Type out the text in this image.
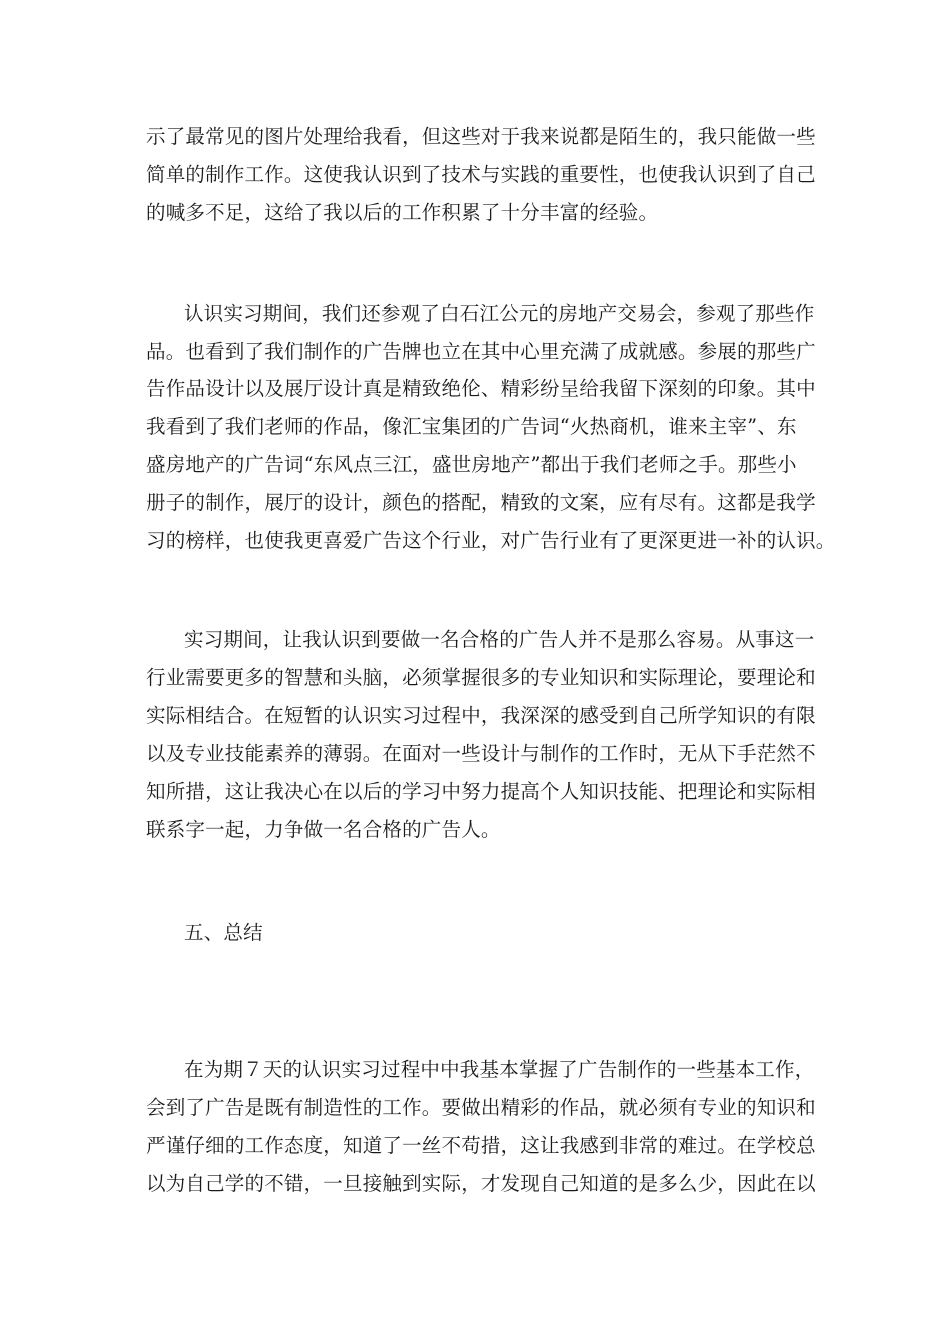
示了最常见的图片处理给我看，但这些对于我来说都是陌生的，我只能做一些
简单的制作工作。这使我认识到了技术与实践的重要性，也使我认识到了自己
的喊多不足，这给了我以后的工作积累了十分丰富的经验。
认识实习期间，我们还参观了白石江公元的房地产交易会，参观了那些作
品。也看到了我们制作的广告牌也立在其中心里充满了成就感。参展的那些广
告作品设计以及展厅设计真是精致绝伦、精彩纷呈给我留下深刻的印象。其中
我看到了我们老师的作品，像汇宝集团的广告词“火热商机，谁来主宰”、东
盛房地产的广告词“东风点三江，盛世房地产”都出于我们老师之手。那些小
册子的制作，展厅的设计，颜色的搭配，精致的文案，应有尽有。这都是我学
习的榜样，也使我更喜爱广告这个行业，对广告行业有了更深更进一补的认识。
实习期间，让我认识到要做一名合格的广告人并不是那么容易。从事这一
行业需要更多的智慧和头脑，必须掌握很多的专业知识和实际理论，要理论和
实际相结合。在短暂的认识实习过程中，我深深的感受到自己所学知识的有限
以及专业技能素养的薄弱。在面对一些设计与制作的工作时，无从下手茫然不
知所措，这让我决心在以后的学习中努力提高个人知识技能、把理论和实际相
联系字一起，力争做一名合格的广告人。
五、总结
在为期７天的认识实习过程中中我基本掌握了广告制作的一些基本工作，
会到了广告是既有制造性的工作。要做出精彩的作品，就必须有专业的知识和
严谨仔细的工作态度，知道了一丝不苟措，这让我感到非常的难过。在学校总
以为自己学的不错，一旦接触到实际，才发现自己知道的是多么少，因此在以
